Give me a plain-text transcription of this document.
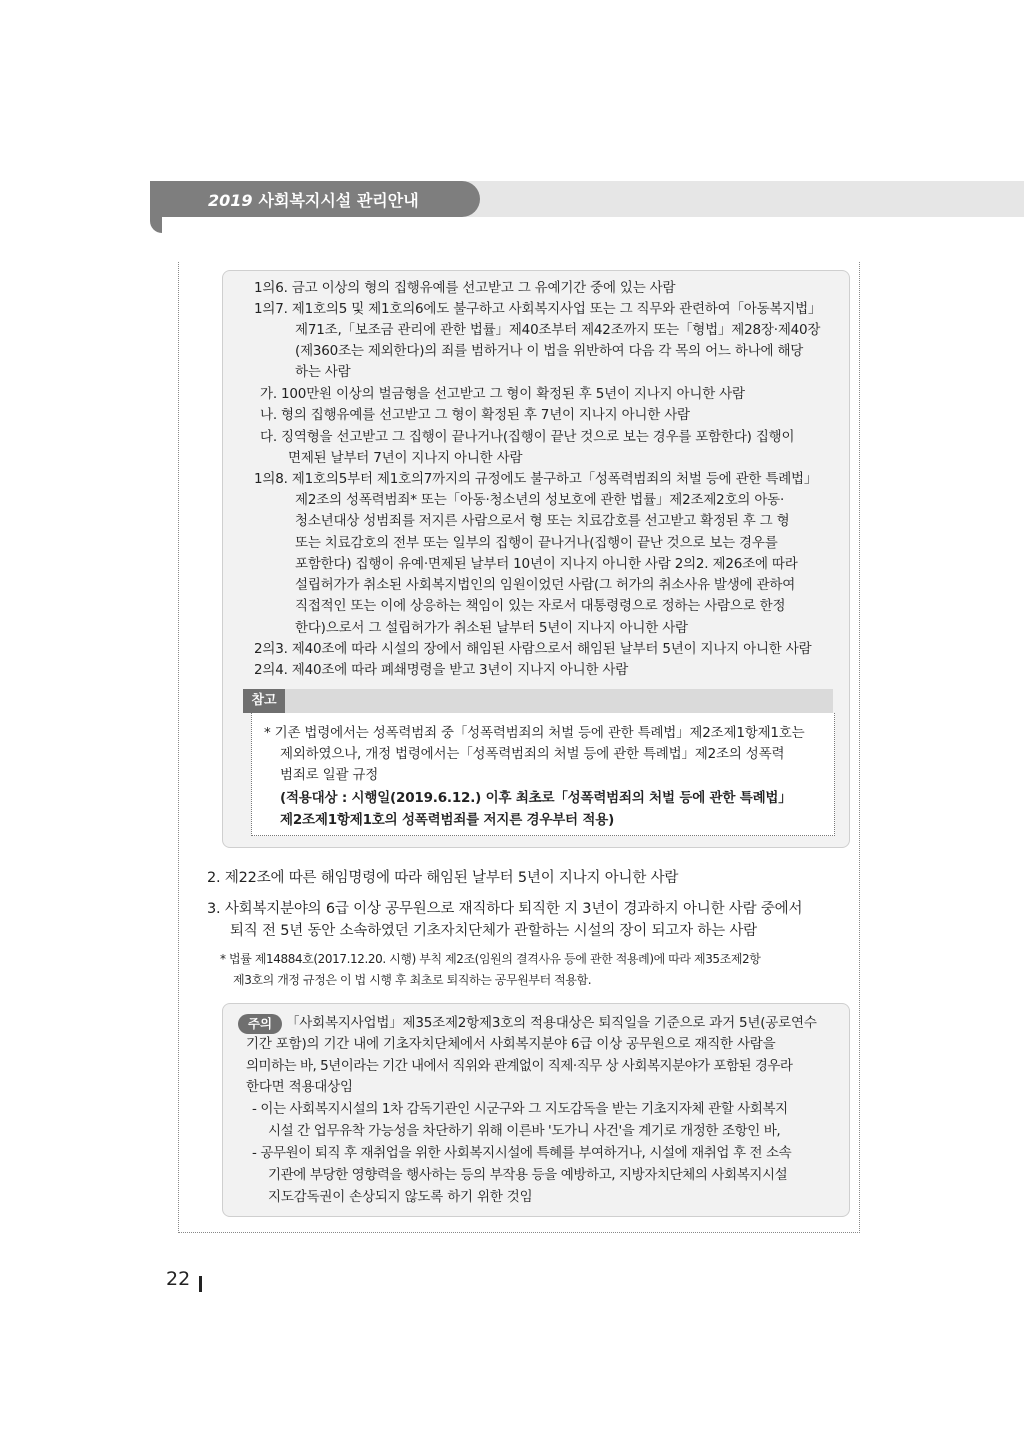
2019 사회복지시설 관리안내
1의6. 금고 이상의 형의 집행유예를 선고받고 그 유예기간 중에 있는 사람
1의7. 제1호의5 및 제1호의6에도 불구하고 사회복지사업 또는 그 직무와 관련하여「아동복지법」
제71조,「보조금 관리에 관한 법률」제40조부터 제42조까지 또는「형법」제28장·제40장
(제360조는 제외한다)의 죄를 범하거나 이 법을 위반하여 다음 각 목의 어느 하나에 해당
하는 사람
가. 100만원 이상의 벌금형을 선고받고 그 형이 확정된 후 5년이 지나지 아니한 사람
나. 형의 집행유예를 선고받고 그 형이 확정된 후 7년이 지나지 아니한 사람
다. 징역형을 선고받고 그 집행이 끝나거나(집행이 끝난 것으로 보는 경우를 포함한다) 집행이
면제된 날부터 7년이 지나지 아니한 사람
1의8. 제1호의5부터 제1호의7까지의 규정에도 불구하고「성폭력범죄의 처벌 등에 관한 특례법」
제2조의 성폭력범죄* 또는「아동·청소년의 성보호에 관한 법률」제2조제2호의 아동·
청소년대상 성범죄를 저지른 사람으로서 형 또는 치료감호를 선고받고 확정된 후 그 형
또는 치료감호의 전부 또는 일부의 집행이 끝나거나(집행이 끝난 것으로 보는 경우를
포함한다) 집행이 유예·면제된 날부터 10년이 지나지 아니한 사람 2의2. 제26조에 따라
설립허가가 취소된 사회복지법인의 임원이었던 사람(그 허가의 취소사유 발생에 관하여
직접적인 또는 이에 상응하는 책임이 있는 자로서 대통령령으로 정하는 사람으로 한정
한다)으로서 그 설립허가가 취소된 날부터 5년이 지나지 아니한 사람
2의3. 제40조에 따라 시설의 장에서 해임된 사람으로서 해임된 날부터 5년이 지나지 아니한 사람
2의4. 제40조에 따라 폐쇄명령을 받고 3년이 지나지 아니한 사람
참고
* 기존 법령에서는 성폭력범죄 중「성폭력범죄의 처벌 등에 관한 특례법」제2조제1항제1호는
제외하였으나, 개정 법령에서는「성폭력범죄의 처벌 등에 관한 특례법」제2조의 성폭력
범죄로 일괄 규정
(적용대상 : 시행일(2019.6.12.) 이후 최초로「성폭력범죄의 처벌 등에 관한 특례법」
제2조제1항제1호의 성폭력범죄를 저지른 경우부터 적용)
2. 제22조에 따른 해임명령에 따라 해임된 날부터 5년이 지나지 아니한 사람
3. 사회복지분야의 6급 이상 공무원으로 재직하다 퇴직한 지 3년이 경과하지 아니한 사람 중에서
퇴직 전 5년 동안 소속하였던 기초자치단체가 관할하는 시설의 장이 되고자 하는 사람
* 법률 제14884호(2017.12.20. 시행) 부칙 제2조(임원의 결격사유 등에 관한 적용례)에 따라 제35조제2항
제3호의 개정 규정은 이 법 시행 후 최초로 퇴직하는 공무원부터 적용함.
주의	「사회복지사업법」제35조제2항제3호의 적용대상은 퇴직일을 기준으로 과거 5년(공로연수
기간 포함)의 기간 내에 기초자치단체에서 사회복지분야 6급 이상 공무원으로 재직한 사람을
의미하는 바, 5년이라는 기간 내에서 직위와 관계없이 직제·직무 상 사회복지분야가 포함된 경우라
한다면 적용대상임
- 이는 사회복지시설의 1차 감독기관인 시군구와 그 지도감독을 받는 기초지자체 관할 사회복지
시설 간 업무유착 가능성을 차단하기 위해 이른바 '도가니 사건'을 계기로 개정한 조항인 바,
- 공무원이 퇴직 후 재취업을 위한 사회복지시설에 특혜를 부여하거나, 시설에 재취업 후 전 소속
기관에 부당한 영향력을 행사하는 등의 부작용 등을 예방하고, 지방자치단체의 사회복지시설
지도감독권이 손상되지 않도록 하기 위한 것임
22
